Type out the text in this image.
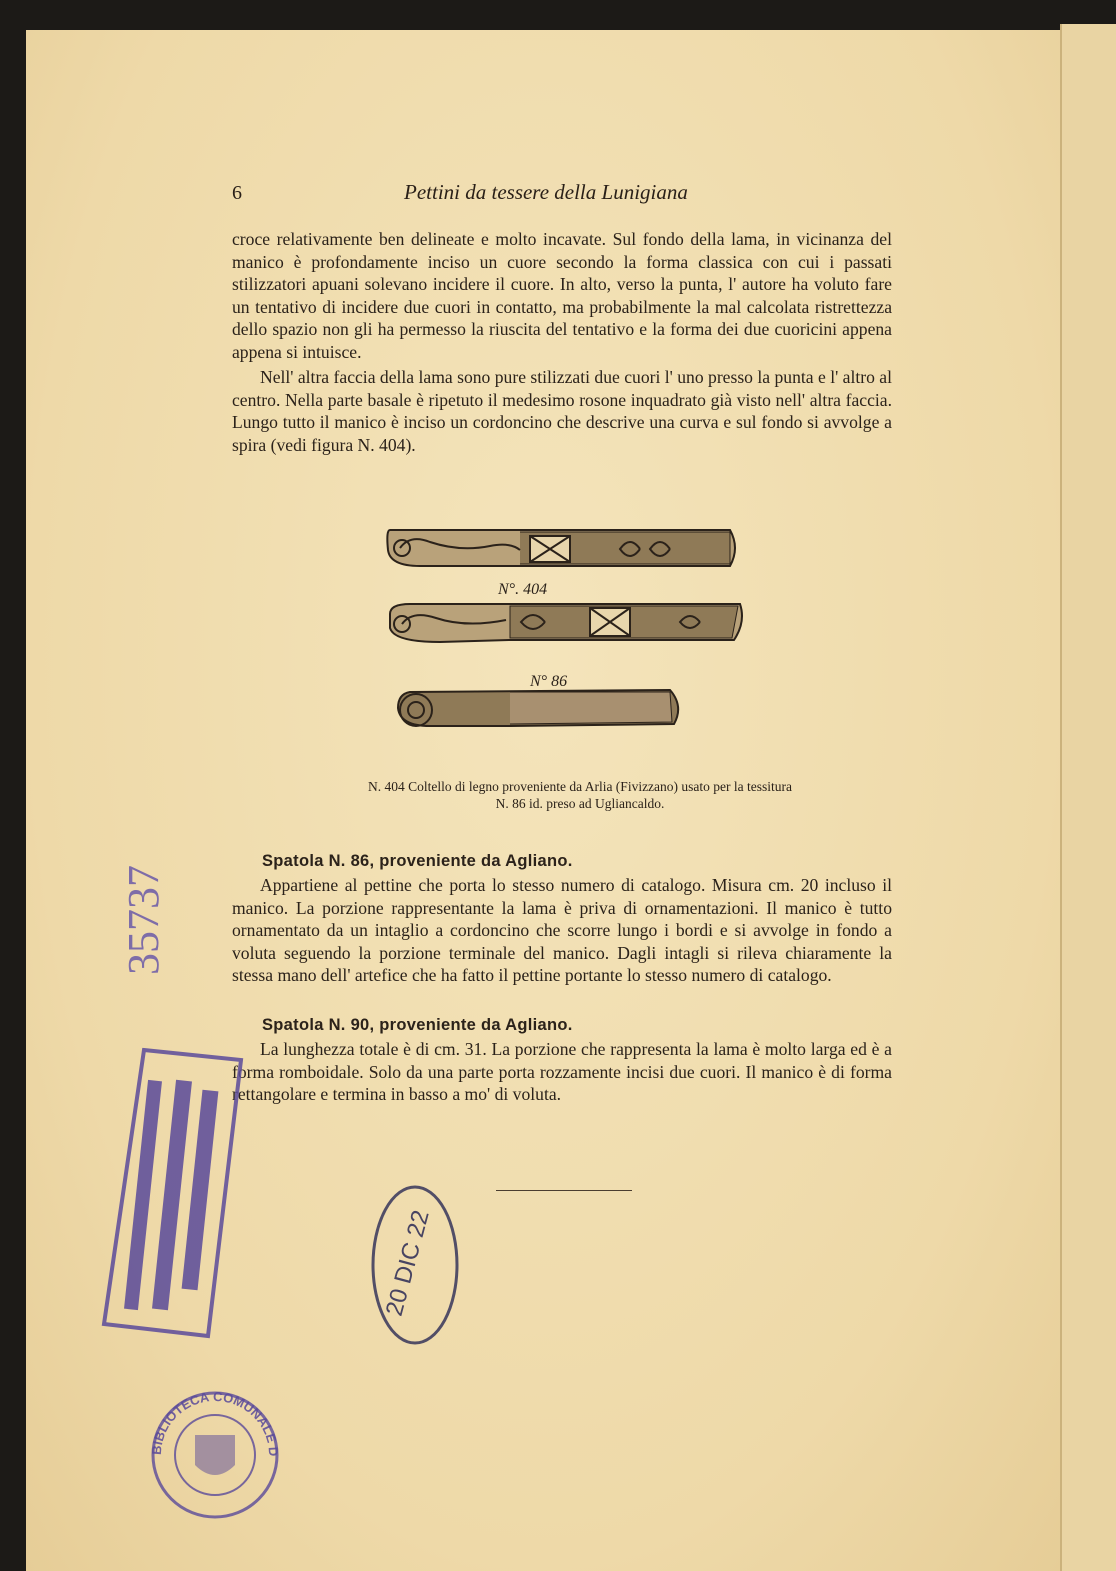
6	Pettini da tessere della Lunigiana

croce relativamente ben delineate e molto incavate. Sul fondo della lama, in vicinanza del manico è profondamente inciso un cuore secondo la forma classica con cui i passati stilizzatori apuani solevano incidere il cuore. In alto, verso la punta, l' autore ha voluto fare un tentativo di incidere due cuori in contatto, ma probabilmente la mal calcolata ristrettezza dello spazio non gli ha permesso la riuscita del tentativo e la forma dei due cuoricini appena appena si intuisce.

Nell' altra faccia della lama sono pure stilizzati due cuori l' uno presso la punta e l' altro al centro. Nella parte basale è ripetuto il medesimo rosone inquadrato già visto nell' altra faccia. Lungo tutto il manico è inciso un cordoncino che descrive una curva e sul fondo si avvolge a spira (vedi figura N. 404).

N°. 404
N° 86
N. 404 Coltello di legno proveniente da Arlia (Fivizzano) usato per la tessitura
N. 86 id. preso ad Ugliancaldo.
Spatola N. 86, proveniente da Agliano.

Appartiene al pettine che porta lo stesso numero di catalogo. Misura cm. 20 incluso il manico. La porzione rappresentante la lama è priva di ornamentazioni. Il manico è tutto ornamentato da un intaglio a cordoncino che scorre lungo i bordi e si avvolge in fondo a voluta seguendo la porzione terminale del manico. Dagli intagli si rileva chiaramente la stessa mano dell' artefice che ha fatto il pettine portante lo stesso numero di catalogo.

Spatola N. 90, proveniente da Agliano.

La lunghezza totale è di cm. 31. La porzione che rappresenta la lama è molto larga ed è a forma romboidale. Solo da una parte porta rozzamente incisi due cuori. Il manico è di forma rettangolare e termina in basso a mo' di voluta.

35737
20 DIC 22
BIBLIOTECA COMUNALE D
